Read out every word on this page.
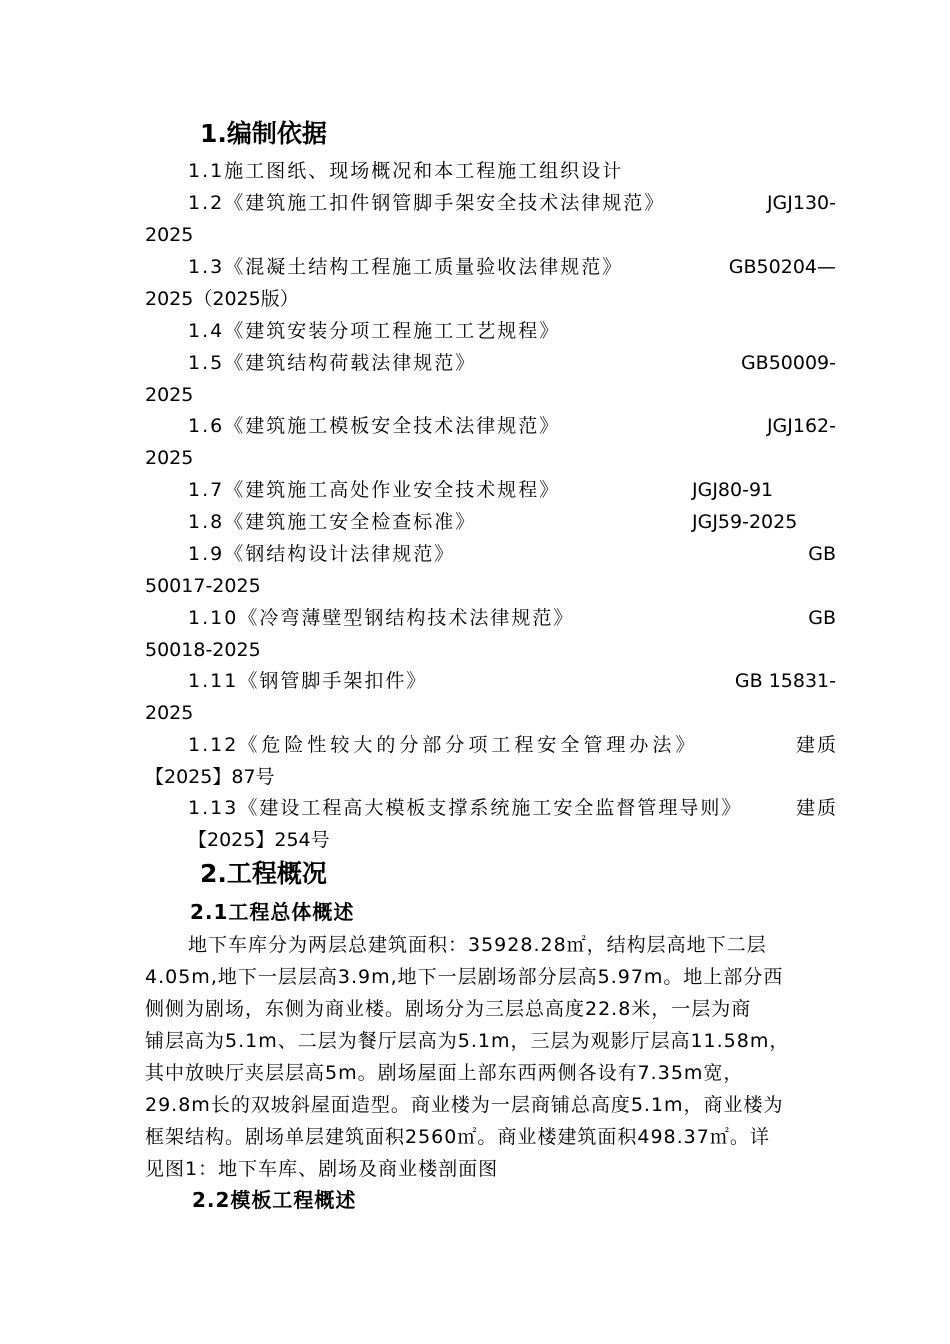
1.编制依据
1.1施工图纸、现场概况和本工程施工组织设计
1.2《建筑施工扣件钢管脚手架安全技术法律规范》	JGJ130-
2025
1.3《混凝土结构工程施工质量验收法律规范》	GB50204—
2025（2025版）
1.4《建筑安装分项工程施工工艺规程》
1.5《建筑结构荷载法律规范》	GB50009-
2025
1.6《建筑施工模板安全技术法律规范》	JGJ162-
2025
1.7《建筑施工高处作业安全技术规程》	JGJ80-91
1.8《建筑施工安全检查标准》	JGJ59-2025
1.9《钢结构设计法律规范》	GB
50017-2025
1.10《冷弯薄壁型钢结构技术法律规范》	GB
50018-2025
1.11《钢管脚手架扣件》	GB 15831-
2025
1.12《危险性较大的分部分项工程安全管理办法》	建质
【2025】87号
1.13《建设工程高大模板支撑系统施工安全监督管理导则》	建质
【2025】254号
2.工程概况
2.1工程总体概述
地下车库分为两层总建筑面积：35928.28㎡，结构层高地下二层
4.05m,地下一层层高3.9m,地下一层剧场部分层高5.97m。地上部分西
侧侧为剧场，东侧为商业楼。剧场分为三层总高度22.8米，一层为商
铺层高为5.1m、二层为餐厅层高为5.1m，三层为观影厅层高11.58m，
其中放映厅夹层层高5m。剧场屋面上部东西两侧各设有7.35m宽，
29.8m长的双坡斜屋面造型。商业楼为一层商铺总高度5.1m，商业楼为
框架结构。剧场单层建筑面积2560㎡。商业楼建筑面积498.37㎡。详
见图1：地下车库、剧场及商业楼剖面图
2.2模板工程概述
